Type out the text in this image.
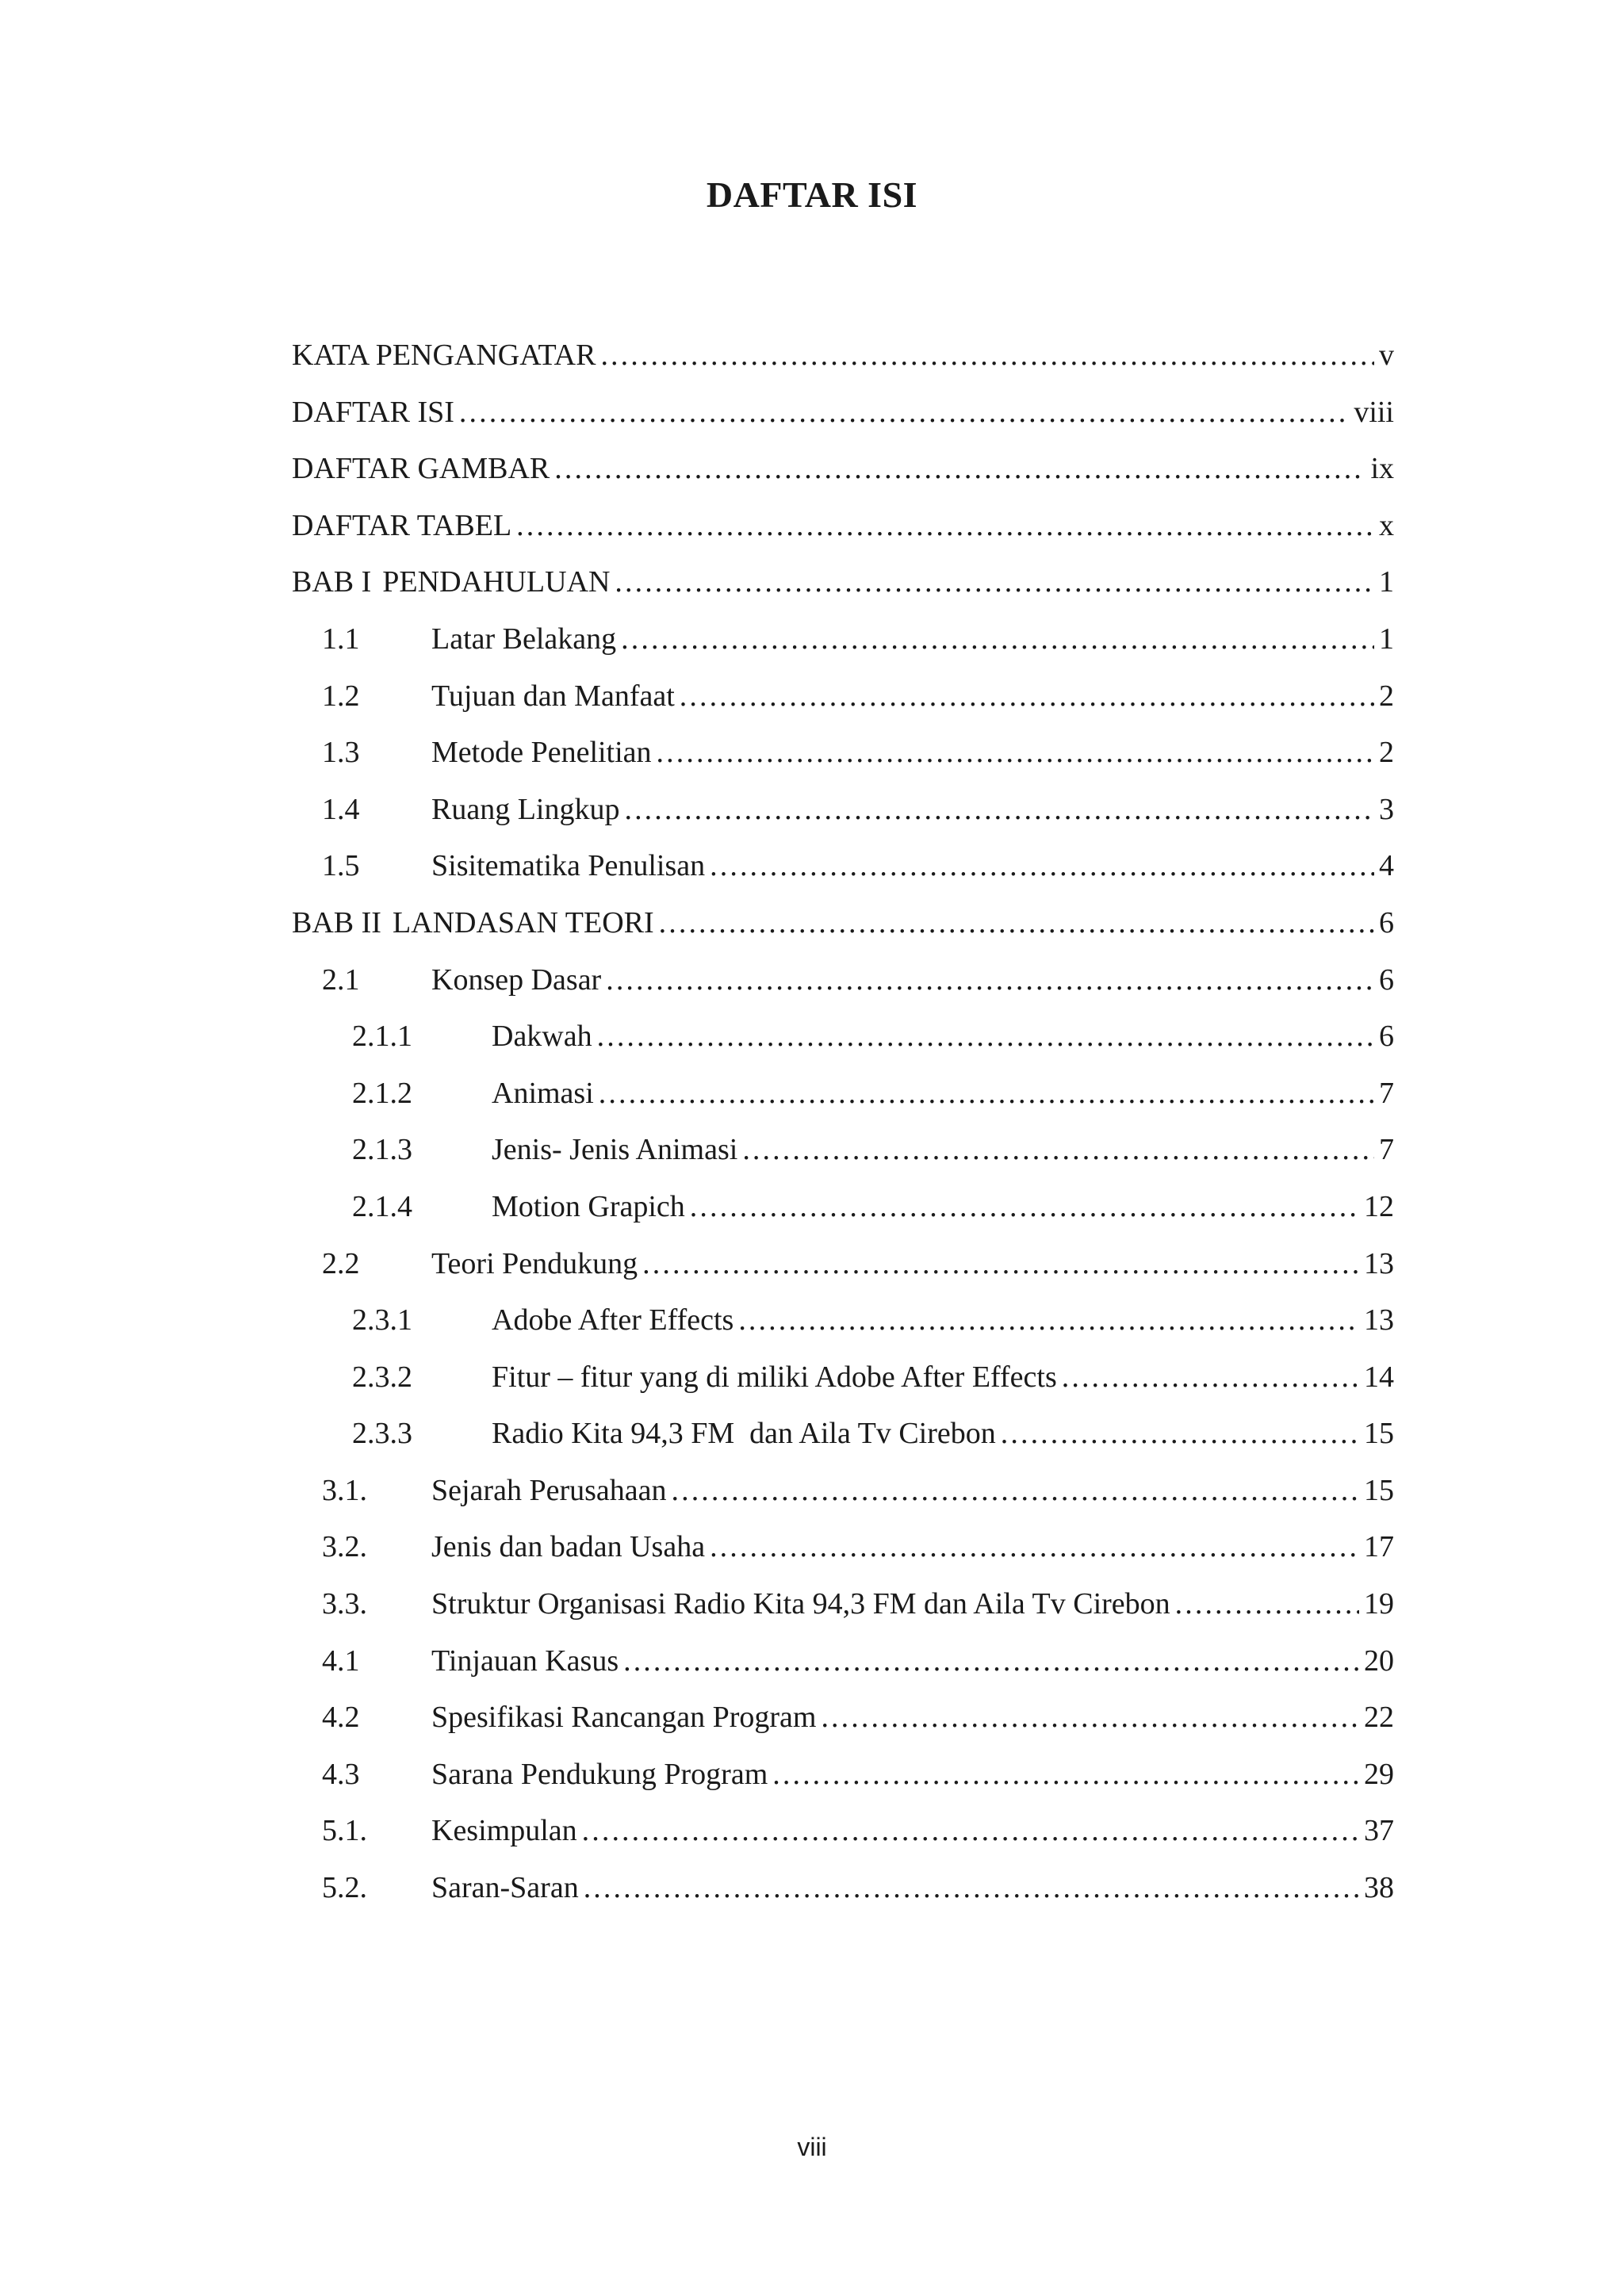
DAFTAR ISI
KATA PENGANGATAR . . .	v
DAFTAR ISI . . .	viii
DAFTAR GAMBAR . . .	ix
DAFTAR TABEL . . .	x
BAB I PENDAHULUAN . . .	1
1.1	Latar Belakang . . .	1
1.2	Tujuan dan Manfaat . . .	2
1.3	Metode Penelitian . . .	2
1.4	Ruang Lingkup . . .	3
1.5	Sisitematika Penulisan . . .	4
BAB II LANDASAN TEORI . . .	6
2.1	Konsep Dasar . . .	6
2.1.1	Dakwah . . .	6
2.1.2	Animasi . . .	7
2.1.3	Jenis- Jenis Animasi . . .	7
2.1.4	Motion Grapich . . .	12
2.2	Teori Pendukung . . .	13
2.3.1	Adobe After Effects . . .	13
2.3.2	Fitur – fitur yang di miliki Adobe After Effects . . .	14
2.3.3	Radio Kita 94,3 FM  dan Aila Tv Cirebon . . .	15
3.1.	Sejarah Perusahaan . . .	15
3.2.	Jenis dan badan Usaha . . .	17
3.3.	Struktur Organisasi Radio Kita 94,3 FM dan Aila Tv Cirebon . . .	19
4.1	Tinjauan Kasus . . .	20
4.2	Spesifikasi Rancangan Program . . .	22
4.3	Sarana Pendukung Program . . .	29
5.1.	Kesimpulan . . .	37
5.2.	Saran-Saran . . .	38
viii
